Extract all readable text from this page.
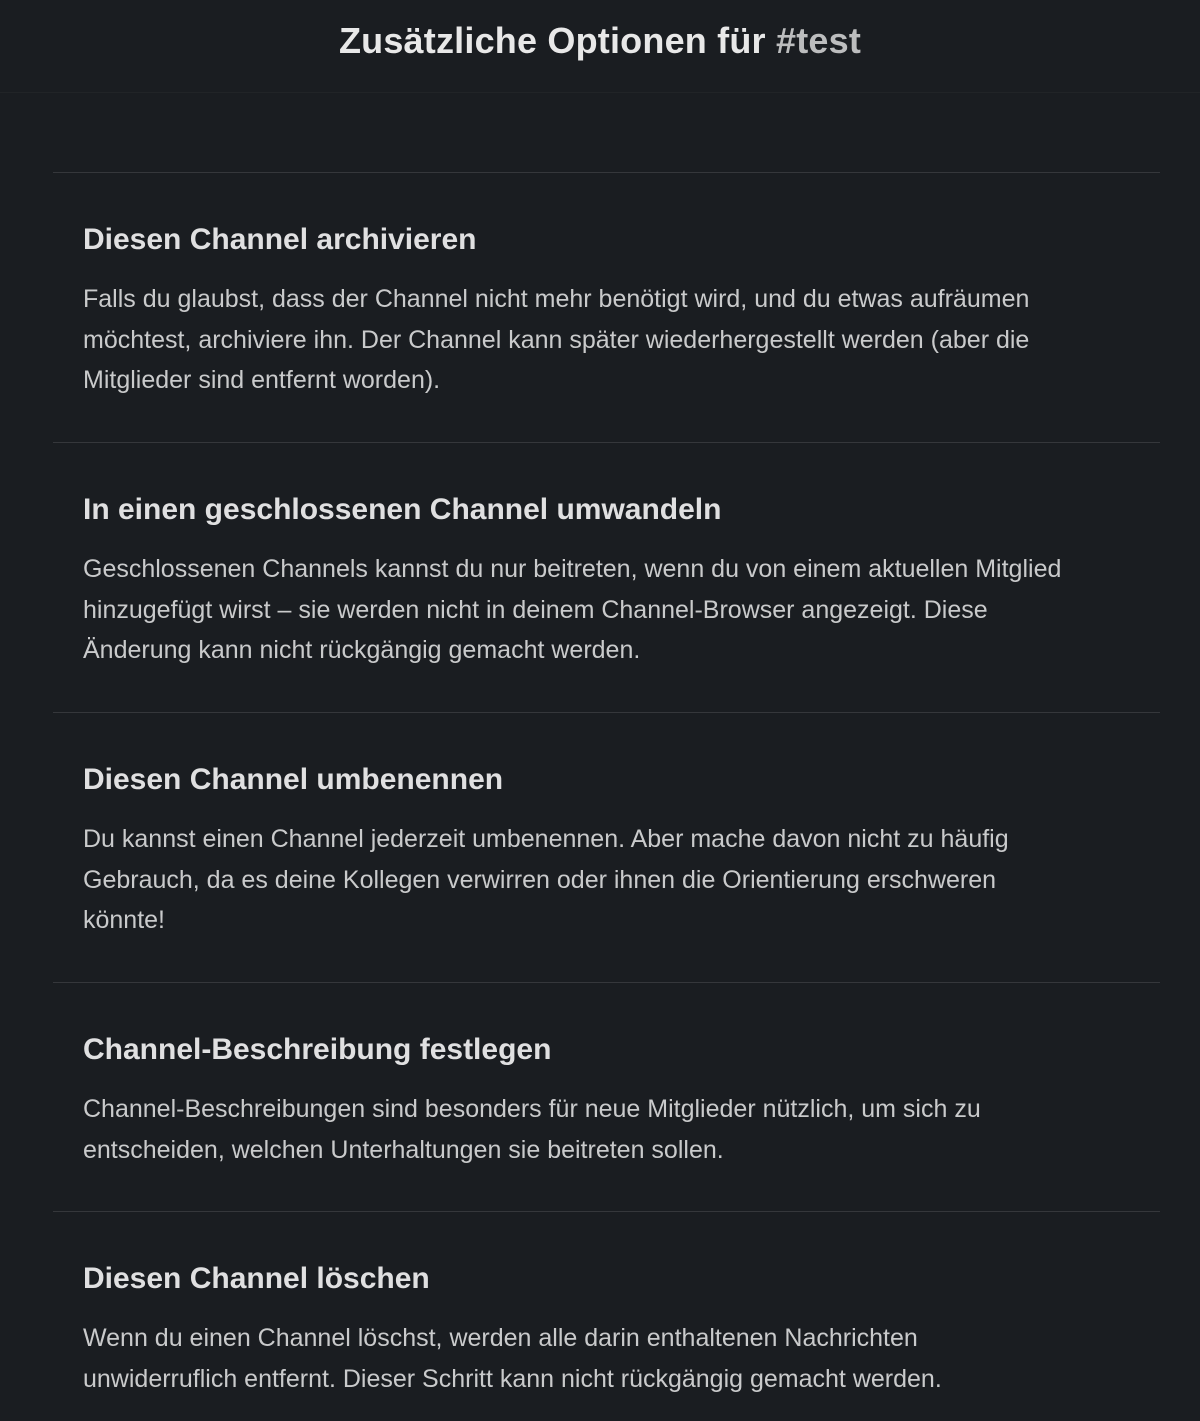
Zusätzliche Optionen für #test
Diesen Channel archivieren

Falls du glaubst, dass der Channel nicht mehr benötigt wird, und du etwas aufräumen möchtest, archiviere ihn. Der Channel kann später wiederhergestellt werden (aber die Mitglieder sind entfernt worden).

In einen geschlossenen Channel umwandeln

Geschlossenen Channels kannst du nur beitreten, wenn du von einem aktuellen Mitglied hinzugefügt wirst – sie werden nicht in deinem Channel-Browser angezeigt. Diese Änderung kann nicht rückgängig gemacht werden.

Diesen Channel umbenennen

Du kannst einen Channel jederzeit umbenennen. Aber mache davon nicht zu häufig Gebrauch, da es deine Kollegen verwirren oder ihnen die Orientierung erschweren könnte!

Channel-Beschreibung festlegen

Channel-Beschreibungen sind besonders für neue Mitglieder nützlich, um sich zu entscheiden, welchen Unterhaltungen sie beitreten sollen.

Diesen Channel löschen

Wenn du einen Channel löschst, werden alle darin enthaltenen Nachrichten unwiderruflich entfernt. Dieser Schritt kann nicht rückgängig gemacht werden.
